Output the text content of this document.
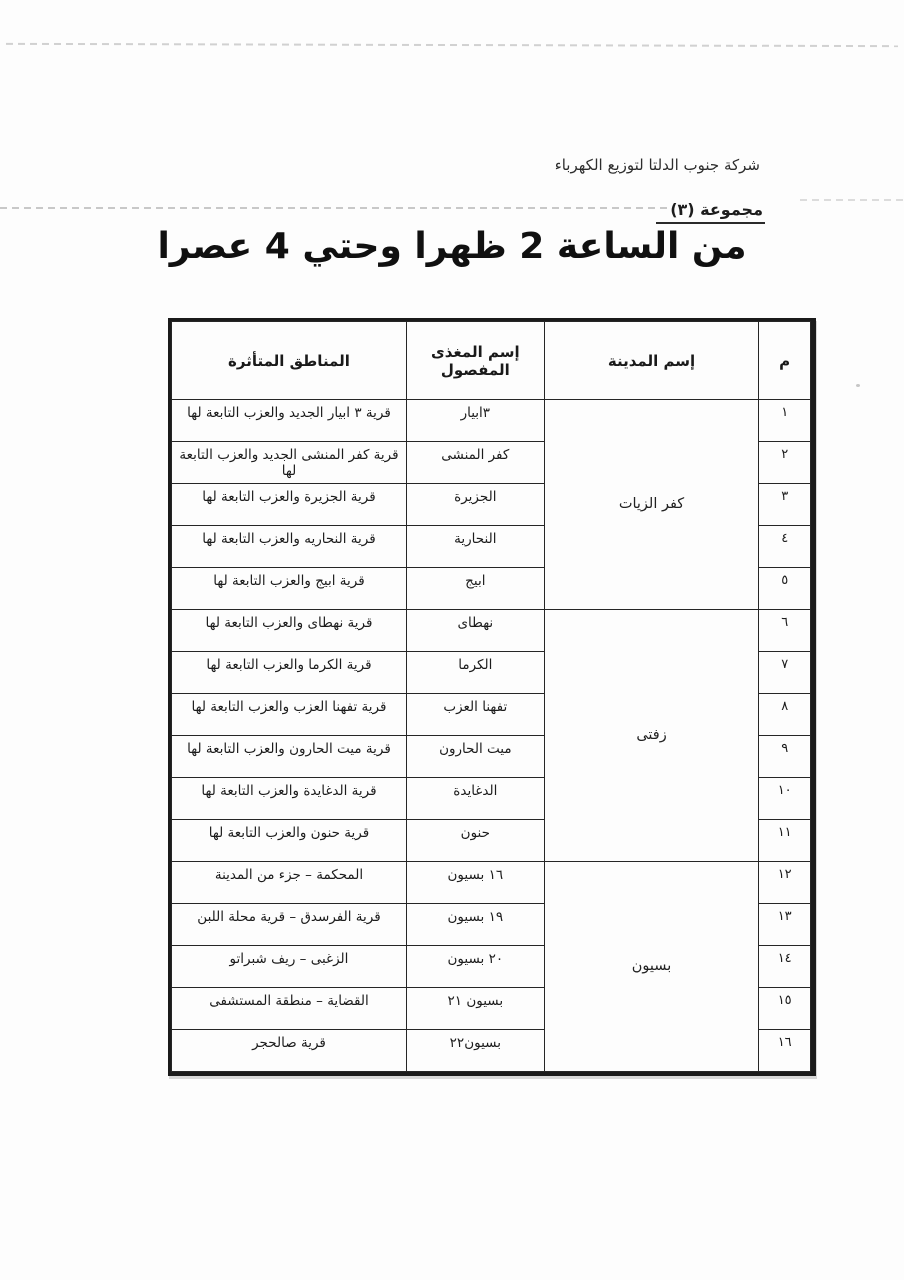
شركة جنوب الدلتا لتوزيع الكهرباء
مجموعة (٣)
من الساعة 2 ظهرا وحتي 4 عصرا
م	إسم المدينة	إسم المغذى المفصول	المناطق المتأثرة
١	كفر الزيات	٣ابيار	قرية ٣ ابيار الجديد والعزب التابعة لها
٢		كفر المنشى	قرية كفر المنشى الجديد والعزب التابعة لها
٣		الجزيرة	قرية الجزيرة والعزب التابعة لها
٤		النحارية	قرية النحاريه والعزب التابعة لها
٥		ابيج	قرية ابيج والعزب التابعة لها
٦	زفتى	نهطاى	قرية نهطاى والعزب التابعة لها
٧		الكرما	قرية الكرما والعزب التابعة لها
٨		تفهنا العزب	قرية تفهنا العزب والعزب التابعة لها
٩		ميت الحارون	قرية ميت الحارون والعزب التابعة لها
١٠		الدغايدة	قرية الدغايدة والعزب التابعة لها
١١		حنون	قرية حنون والعزب التابعة لها
١٢	بسيون	١٦ بسيون	المحكمة – جزء من المدينة
١٣		١٩ بسيون	قرية الفرسدق – قرية محلة اللبن
١٤		٢٠ بسيون	الزغبى – ريف شبراتو
١٥		بسيون ٢١	القضاية – منطقة المستشفى
١٦		بسيون٢٢	قرية صالحجر
